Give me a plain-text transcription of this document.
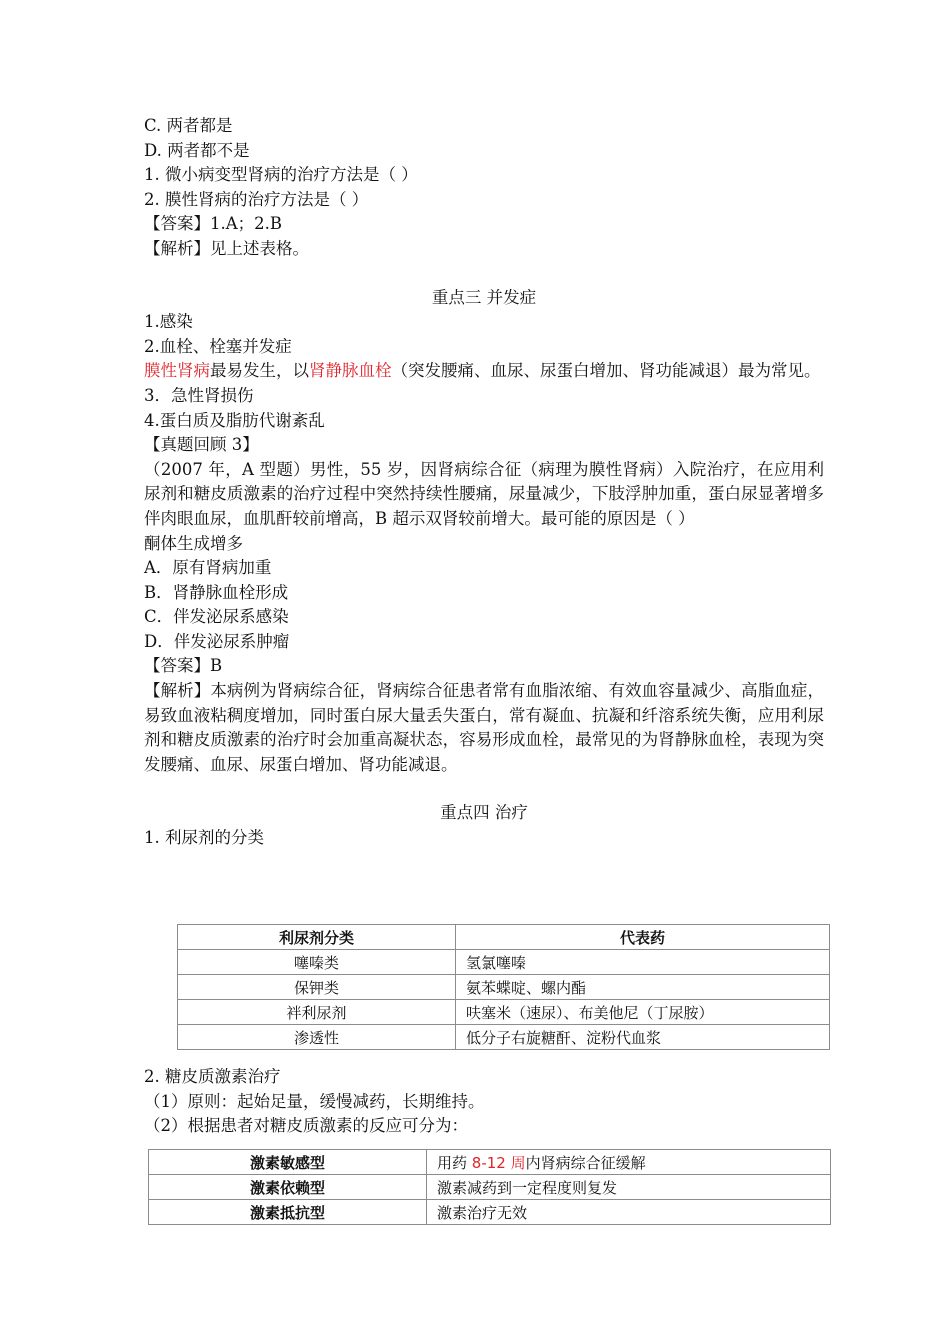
C. 两者都是
D. 两者都不是
1. 微小病变型肾病的治疗方法是（ ）
2. 膜性肾病的治疗方法是（ ）
【答案】1.A；2.B
【解析】见上述表格。
重点三 并发症
1.感染
2.血栓、栓塞并发症
膜性肾病最易发生，以肾静脉血栓（突发腰痛、血尿、尿蛋白增加、肾功能减退）最为常见。
3．急性肾损伤
4.蛋白质及脂肪代谢紊乱
【真题回顾 3】
（2007 年，A 型题）男性，55 岁，因肾病综合征（病理为膜性肾病）入院治疗，在应用利尿剂和糖皮质激素的治疗过程中突然持续性腰痛，尿量减少，下肢浮肿加重，蛋白尿显著增多伴肉眼血尿，血肌酐较前增高，B 超示双肾较前增大。最可能的原因是（ ）
酮体生成增多
A．原有肾病加重
B．肾静脉血栓形成
C．伴发泌尿系感染
D．伴发泌尿系肿瘤
【答案】B
【解析】本病例为肾病综合征，肾病综合征患者常有血脂浓缩、有效血容量减少、高脂血症，易致血液粘稠度增加，同时蛋白尿大量丢失蛋白，常有凝血、抗凝和纤溶系统失衡，应用利尿剂和糖皮质激素的治疗时会加重高凝状态，容易形成血栓，最常见的为肾静脉血栓，表现为突发腰痛、血尿、尿蛋白增加、肾功能减退。
重点四 治疗
1. 利尿剂的分类
利尿剂分类	代表药
噻嗪类	氢氯噻嗪
保钾类	氨苯蝶啶、螺内酯
袢利尿剂	呋塞米（速尿）、布美他尼（丁尿胺）
渗透性	低分子右旋糖酐、淀粉代血浆
2. 糖皮质激素治疗
（1）原则：起始足量，缓慢减药，长期维持。
（2）根据患者对糖皮质激素的反应可分为：
激素敏感型	用药 8-12 周内肾病综合征缓解
激素依赖型	激素减药到一定程度则复发
激素抵抗型	激素治疗无效
